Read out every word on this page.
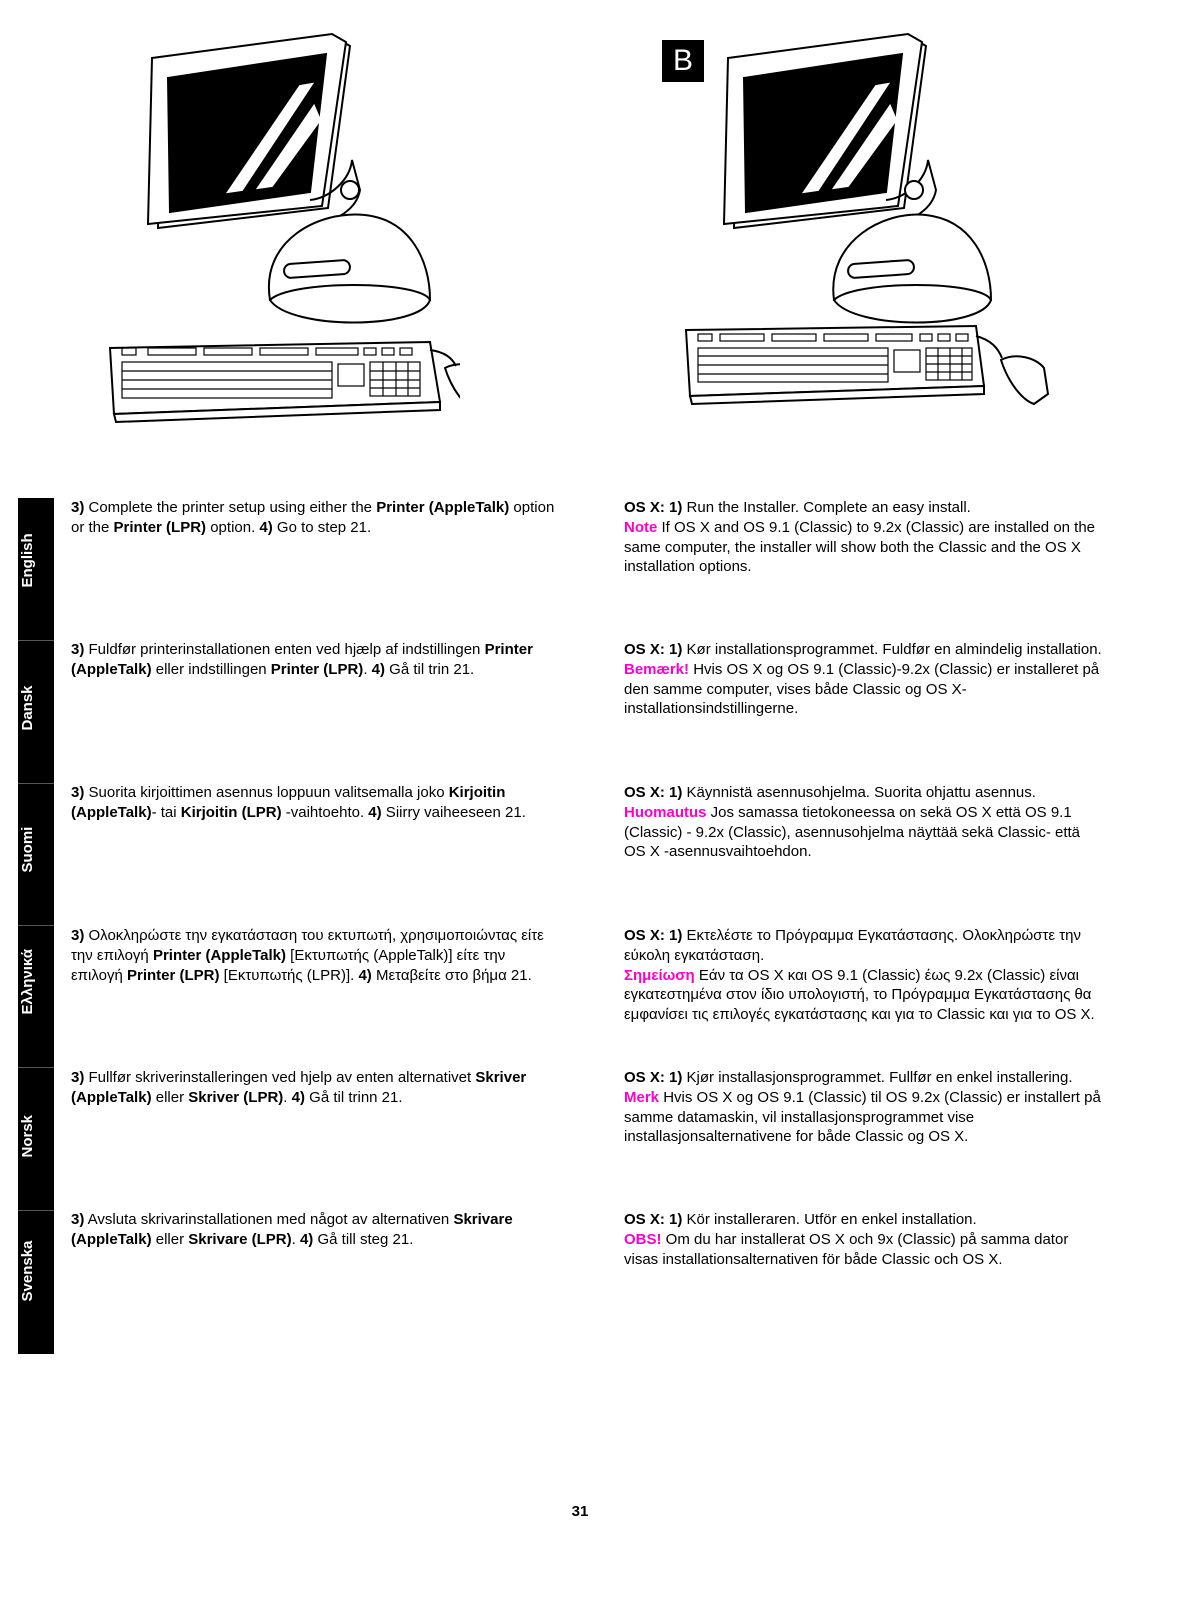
B
English
Dansk
Suomi
Ελληνικά
Norsk
Svenska

3) Complete the printer setup using either the Printer (AppleTalk) option or the Printer (LPR) option. 4) Go to step 21.

OS X: 1) Run the Installer. Complete an easy install.

Note If OS X and OS 9.1 (Classic) to 9.2x (Classic) are installed on the same computer, the installer will show both the Classic and the OS X installation options.

3) Fuldfør printerinstallationen enten ved hjælp af indstillingen Printer (AppleTalk) eller indstillingen Printer (LPR). 4) Gå til trin 21.

OS X: 1) Kør installationsprogrammet. Fuldfør en almindelig installation.

Bemærk! Hvis OS X og OS 9.1 (Classic)-9.2x (Classic) er installeret på den samme computer, vises både Classic og OS X-installationsindstillingerne.

3) Suorita kirjoittimen asennus loppuun valitsemalla joko Kirjoitin (AppleTalk)- tai Kirjoitin (LPR) -vaihtoehto. 4) Siirry vaiheeseen 21.

OS X: 1) Käynnistä asennusohjelma. Suorita ohjattu asennus.

Huomautus Jos samassa tietokoneessa on sekä OS X että OS 9.1 (Classic) - 9.2x (Classic), asennusohjelma näyttää sekä Classic- että OS X -asennusvaihtoehdon.

3) Ολοκληρώστε την εγκατάσταση του εκτυπωτή, χρησιμοποιώντας είτε την επιλογή Printer (AppleTalk) [Εκτυπωτής (AppleTalk)] είτε την επιλογή Printer (LPR) [Εκτυπωτής (LPR)]. 4) Μεταβείτε στο βήμα 21.

OS X: 1) Εκτελέστε το Πρόγραμμα Εγκατάστασης. Ολοκληρώστε την εύκολη εγκατάσταση.

Σημείωση Εάν τα OS X και OS 9.1 (Classic) έως 9.2x (Classic) είναι εγκατεστημένα στον ίδιο υπολογιστή, το Πρόγραμμα Εγκατάστασης θα εμφανίσει τις επιλογές εγκατάστασης και για το Classic και για το OS X.

3) Fullfør skriverinstalleringen ved hjelp av enten alternativet Skriver (AppleTalk) eller Skriver (LPR). 4) Gå til trinn 21.

OS X: 1) Kjør installasjonsprogrammet. Fullfør en enkel installering.

Merk Hvis OS X og OS 9.1 (Classic) til OS 9.2x (Classic) er installert på samme datamaskin, vil installasjonsprogrammet vise installasjonsalternativene for både Classic og OS X.

3) Avsluta skrivarinstallationen med något av alternativen Skrivare (AppleTalk) eller Skrivare (LPR). 4) Gå till steg 21.

OS X: 1) Kör installeraren. Utför en enkel installation.

OBS! Om du har installerat OS X och 9x (Classic) på samma dator visas installationsalternativen för både Classic och OS X.

31
